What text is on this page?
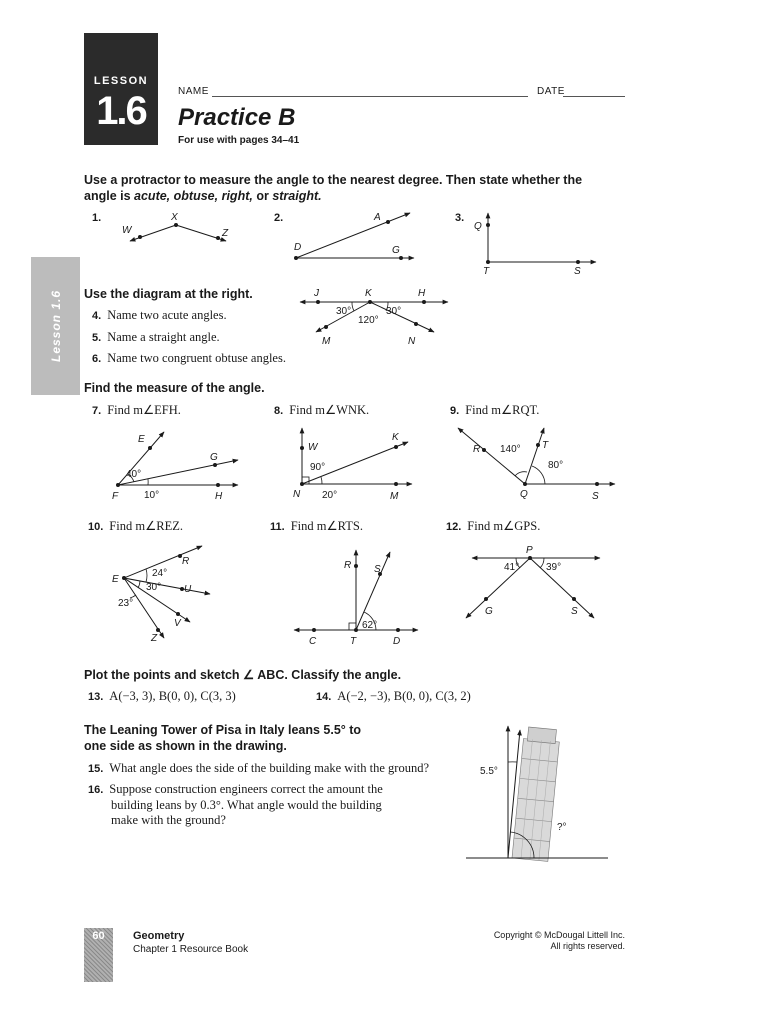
LESSON
1.6	NAME	DATE
Practice B
For use with pages 34–41
Lesson 1.6
Use a protractor to measure the angle to the nearest degree. Then state whether the
angle is acute, obtuse, right, or straight.
1.	2.	3.
X
W	Z
A
D	G
Q
T	S
Use the diagram at the right.
4. Name two acute angles.
5. Name a straight angle.
6. Name two congruent obtuse angles.
J	K	H
M	N
30°	30°
120°
Find the measure of the angle.
7. Find m∠EFH.	8. Find m∠WNK.	9. Find m∠RQT.
E
G
F	H
40°
10°
W
K
N	M
90°
20°
R	T
Q	S
140°
80°
10. Find m∠REZ.	11. Find m∠RTS.	12. Find m∠GPS.
R
E
U
V
Z
24°
30°
23°
R S
C	T	D
62°
P
G	S
41°	39°
Plot the points and sketch ∠ ABC. Classify the angle.
13. A(−3, 3), B(0, 0), C(3, 3)	14. A(−2, −3), B(0, 0), C(3, 2)
The Leaning Tower of Pisa in Italy leans 5.5° to
one side as shown in the drawing.
15. What angle does the side of the building make with the ground?
16. Suppose construction engineers correct the amount the
building leans by 0.3°. What angle would the building
make with the ground?
5.5°
?°
60	Geometry
Chapter 1 Resource Book
Copyright © McDougal Littell Inc.
All rights reserved.
